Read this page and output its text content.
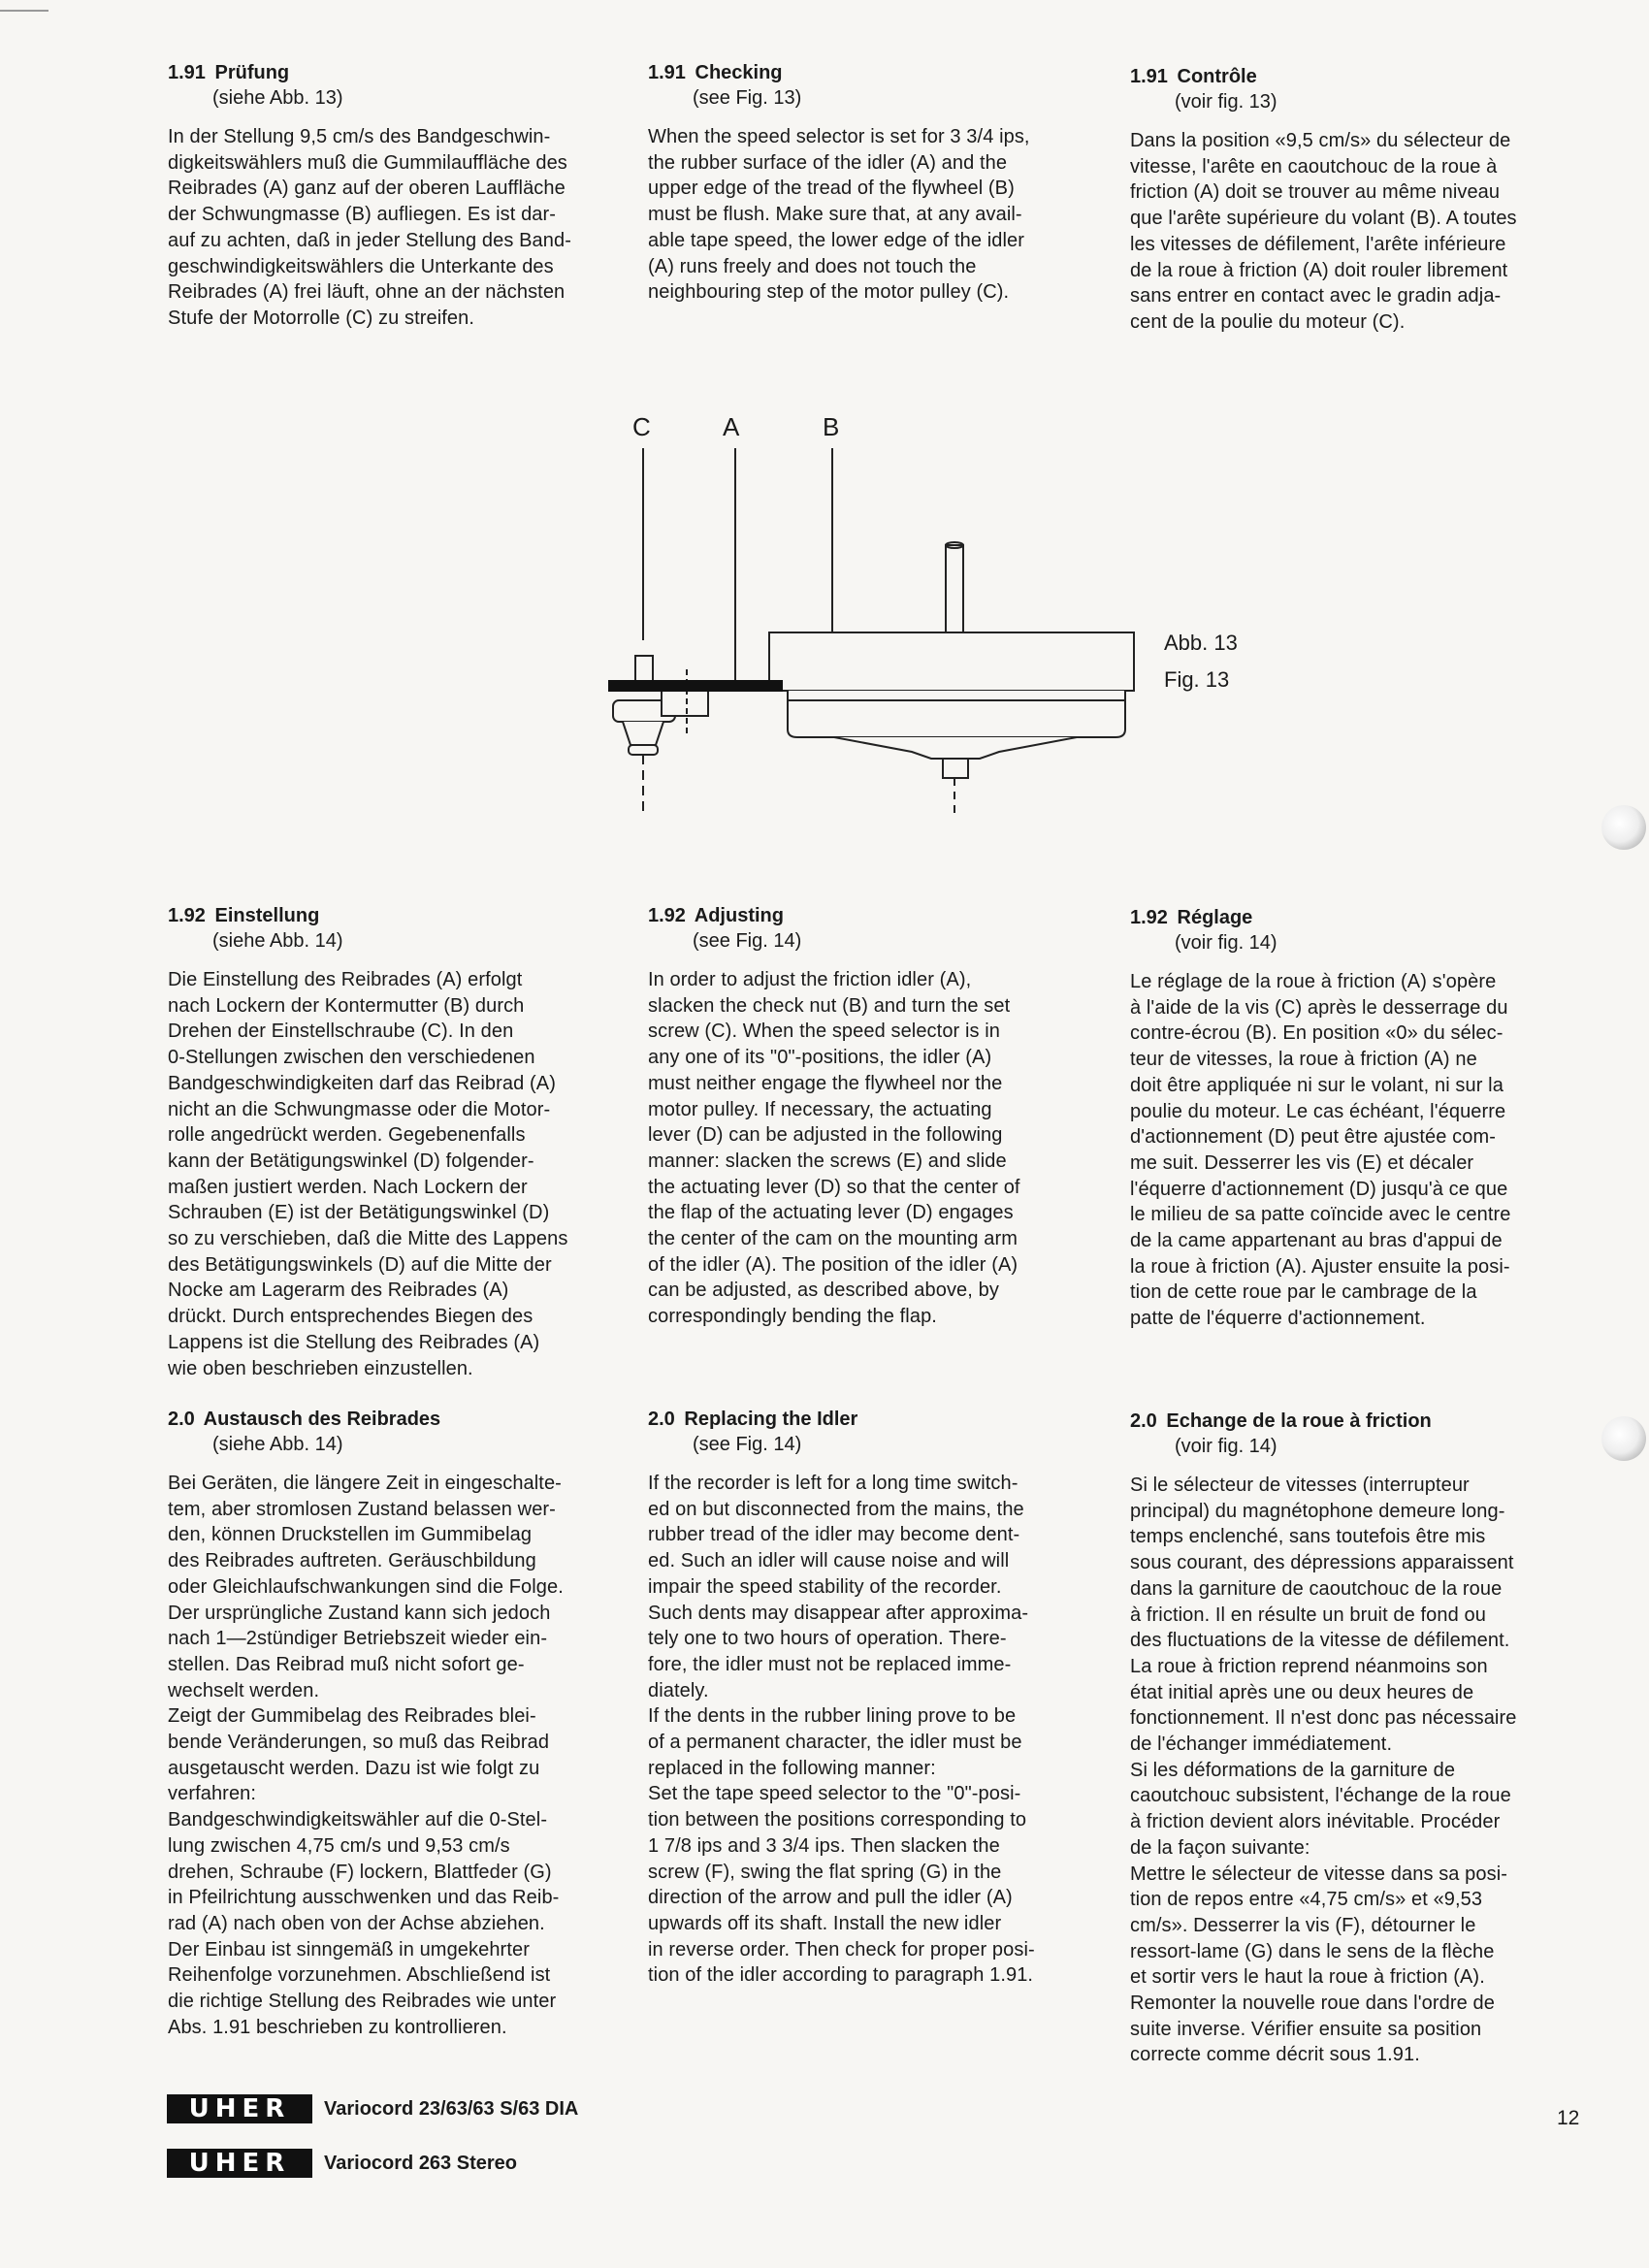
1.91 Prüfung
(siehe Abb. 13)

In der Stellung 9,5 cm/s des Bandgeschwin-
digkeitswählers muß die Gummilauffläche des
Reibrades (A) ganz auf der oberen Lauffläche
der Schwungmasse (B) aufliegen. Es ist dar-
auf zu achten, daß in jeder Stellung des Band-
geschwindigkeitswählers die Unterkante des
Reibrades (A) frei läuft, ohne an der nächsten
Stufe der Motorrolle (C) zu streifen.

1.91 Checking
(see Fig. 13)

When the speed selector is set for 3 3/4 ips,
the rubber surface of the idler (A) and the
upper edge of the tread of the flywheel (B)
must be flush. Make sure that, at any avail-
able tape speed, the lower edge of the idler
(A) runs freely and does not touch the
neighbouring step of the motor pulley (C).

1.91 Contrôle
(voir fig. 13)

Dans la position «9,5 cm/s» du sélecteur de
vitesse, l'arête en caoutchouc de la roue à
friction (A) doit se trouver au même niveau
que l'arête supérieure du volant (B). A toutes
les vitesses de défilement, l'arête inférieure
de la roue à friction (A) doit rouler librement
sans entrer en contact avec le gradin adja-
cent de la poulie du moteur (C).

C	A	B
Abb. 13
Fig. 13
1.92 Einstellung
(siehe Abb. 14)

Die Einstellung des Reibrades (A) erfolgt
nach Lockern der Kontermutter (B) durch
Drehen der Einstellschraube (C). In den
0-Stellungen zwischen den verschiedenen
Bandgeschwindigkeiten darf das Reibrad (A)
nicht an die Schwungmasse oder die Motor-
rolle angedrückt werden. Gegebenenfalls
kann der Betätigungswinkel (D) folgender-
maßen justiert werden. Nach Lockern der
Schrauben (E) ist der Betätigungswinkel (D)
so zu verschieben, daß die Mitte des Lappens
des Betätigungswinkels (D) auf die Mitte der
Nocke am Lagerarm des Reibrades (A)
drückt. Durch entsprechendes Biegen des
Lappens ist die Stellung des Reibrades (A)
wie oben beschrieben einzustellen.

1.92 Adjusting
(see Fig. 14)

In order to adjust the friction idler (A),
slacken the check nut (B) and turn the set
screw (C). When the speed selector is in
any one of its "0"-positions, the idler (A)
must neither engage the flywheel nor the
motor pulley. If necessary, the actuating
lever (D) can be adjusted in the following
manner: slacken the screws (E) and slide
the actuating lever (D) so that the center of
the flap of the actuating lever (D) engages
the center of the cam on the mounting arm
of the idler (A). The position of the idler (A)
can be adjusted, as described above, by
correspondingly bending the flap.

1.92 Réglage
(voir fig. 14)

Le réglage de la roue à friction (A) s'opère
à l'aide de la vis (C) après le desserrage du
contre-écrou (B). En position «0» du sélec-
teur de vitesses, la roue à friction (A) ne
doit être appliquée ni sur le volant, ni sur la
poulie du moteur. Le cas échéant, l'équerre
d'actionnement (D) peut être ajustée com-
me suit. Desserrer les vis (E) et décaler
l'équerre d'actionnement (D) jusqu'à ce que
le milieu de sa patte coïncide avec le centre
de la came appartenant au bras d'appui de
la roue à friction (A). Ajuster ensuite la posi-
tion de cette roue par le cambrage de la
patte de l'équerre d'actionnement.

2.0 Austausch des Reibrades
(siehe Abb. 14)

Bei Geräten, die längere Zeit in eingeschalte-
tem, aber stromlosen Zustand belassen wer-
den, können Druckstellen im Gummibelag
des Reibrades auftreten. Geräuschbildung
oder Gleichlaufschwankungen sind die Folge.
Der ursprüngliche Zustand kann sich jedoch
nach 1—2stündiger Betriebszeit wieder ein-
stellen. Das Reibrad muß nicht sofort ge-
wechselt werden.
Zeigt der Gummibelag des Reibrades blei-
bende Veränderungen, so muß das Reibrad
ausgetauscht werden. Dazu ist wie folgt zu
verfahren:
Bandgeschwindigkeitswähler auf die 0-Stel-
lung zwischen 4,75 cm/s und 9,53 cm/s
drehen, Schraube (F) lockern, Blattfeder (G)
in Pfeilrichtung ausschwenken und das Reib-
rad (A) nach oben von der Achse abziehen.
Der Einbau ist sinngemäß in umgekehrter
Reihenfolge vorzunehmen. Abschließend ist
die richtige Stellung des Reibrades wie unter
Abs. 1.91 beschrieben zu kontrollieren.

2.0 Replacing the Idler
(see Fig. 14)

If the recorder is left for a long time switch-
ed on but disconnected from the mains, the
rubber tread of the idler may become dent-
ed. Such an idler will cause noise and will
impair the speed stability of the recorder.
Such dents may disappear after approxima-
tely one to two hours of operation. There-
fore, the idler must not be replaced imme-
diately.
If the dents in the rubber lining prove to be
of a permanent character, the idler must be
replaced in the following manner:
Set the tape speed selector to the "0"-posi-
tion between the positions corresponding to
1 7/8 ips and 3 3/4 ips. Then slacken the
screw (F), swing the flat spring (G) in the
direction of the arrow and pull the idler (A)
upwards off its shaft. Install the new idler
in reverse order. Then check for proper posi-
tion of the idler according to paragraph 1.91.

2.0 Echange de la roue à friction
(voir fig. 14)

Si le sélecteur de vitesses (interrupteur
principal) du magnétophone demeure long-
temps enclenché, sans toutefois être mis
sous courant, des dépressions apparaissent
dans la garniture de caoutchouc de la roue
à friction. Il en résulte un bruit de fond ou
des fluctuations de la vitesse de défilement.
La roue à friction reprend néanmoins son
état initial après une ou deux heures de
fonctionnement. Il n'est donc pas nécessaire
de l'échanger immédiatement.
Si les déformations de la garniture de
caoutchouc subsistent, l'échange de la roue
à friction devient alors inévitable. Procéder
de la façon suivante:
Mettre le sélecteur de vitesse dans sa posi-
tion de repos entre «4,75 cm/s» et «9,53
cm/s». Desserrer la vis (F), détourner le
ressort-lame (G) dans le sens de la flèche
et sortir vers le haut la roue à friction (A).
Remonter la nouvelle roue dans l'ordre de
suite inverse. Vérifier ensuite sa position
correcte comme décrit sous 1.91.

UHER	Variocord 23/63/63 S/63 DIA
UHER	Variocord 263 Stereo
12
